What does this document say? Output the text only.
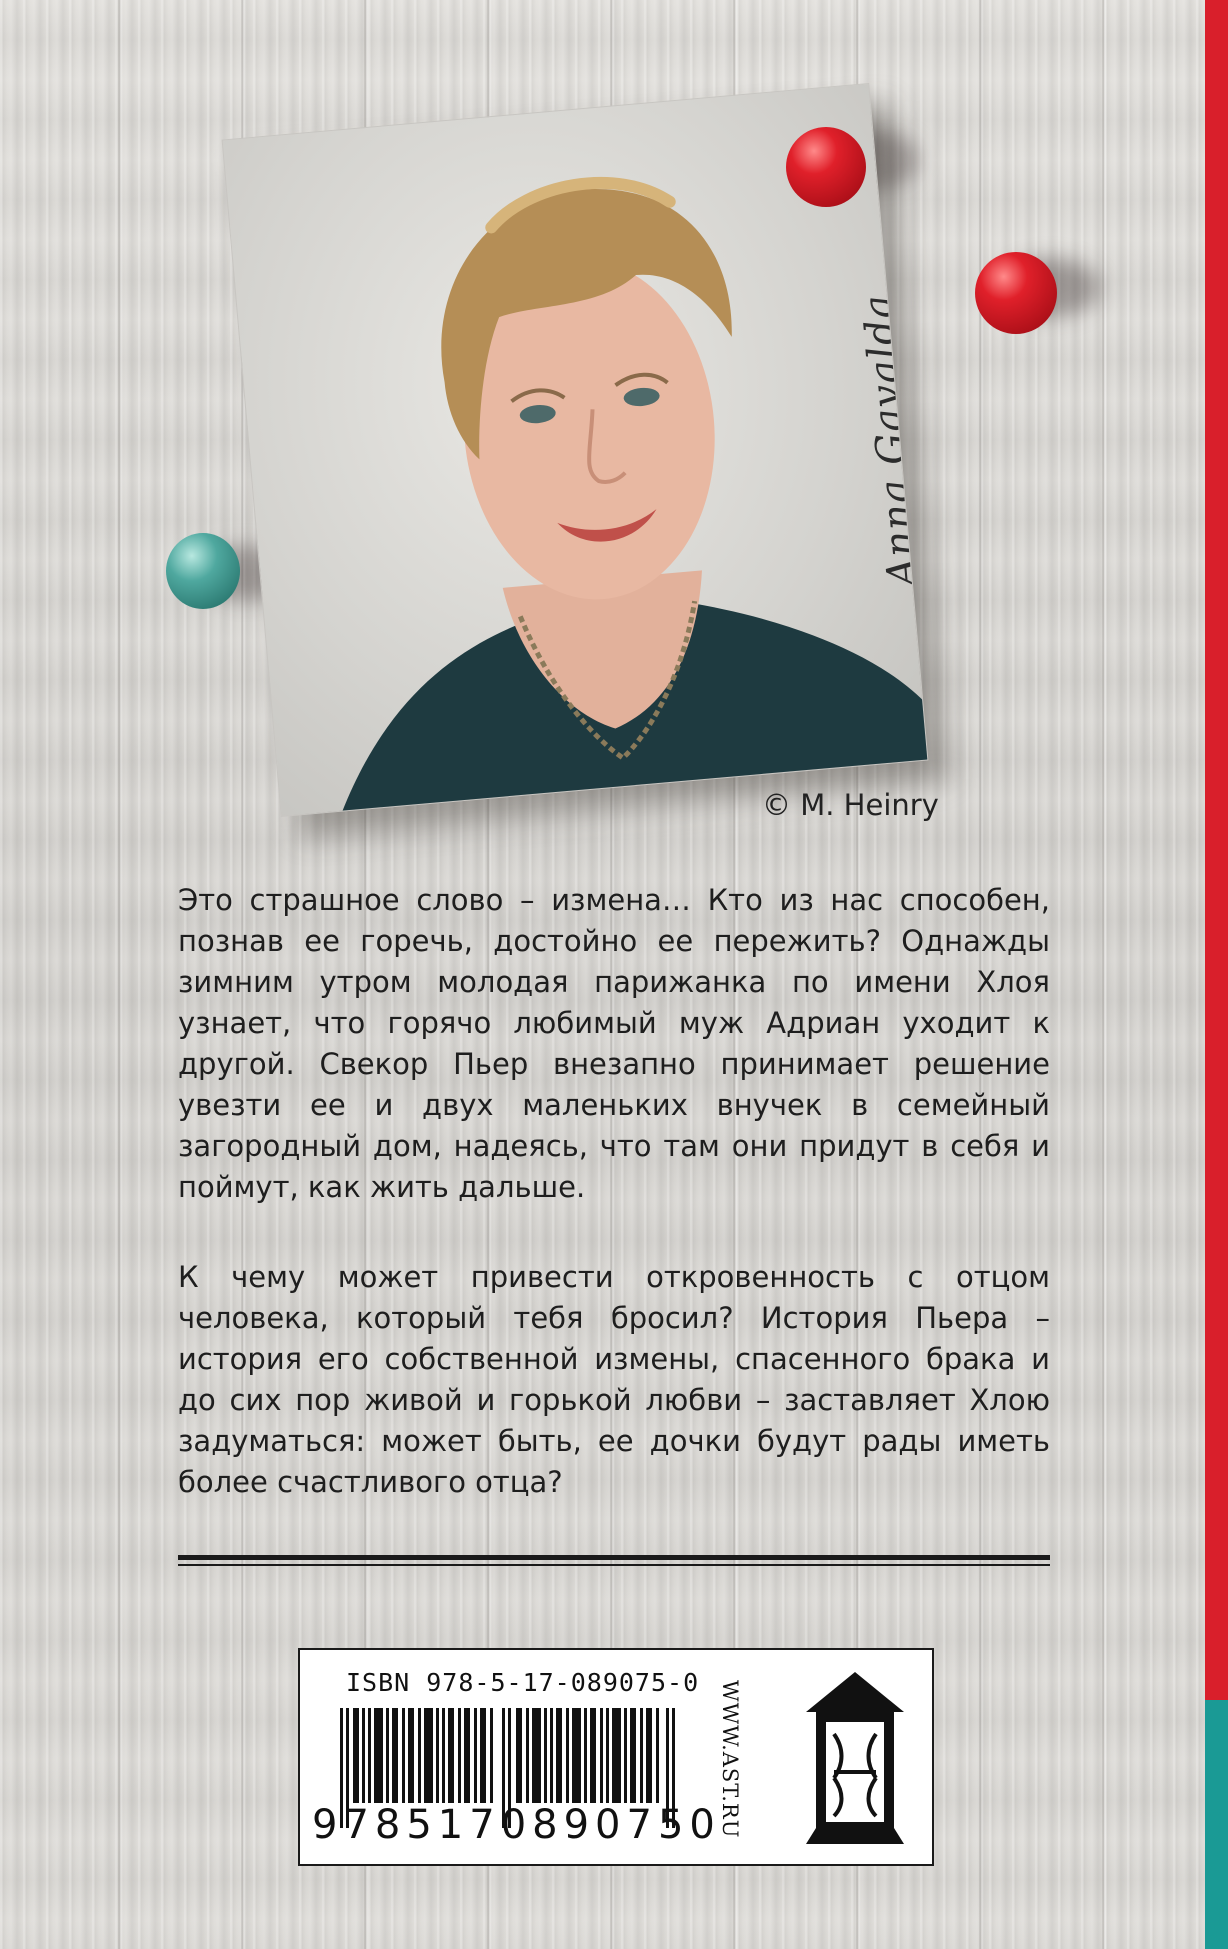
Anna Gavalda
© M. Heinry

Это страшное слово – измена… Кто из нас способен, познав ее горечь, достойно ее пережить? Однажды зимним утром молодая парижанка по имени Хлоя узнает, что горячо любимый муж Адриан уходит к другой. Свекор Пьер внезапно принимает решение увезти ее и двух маленьких внучек в семейный загородный дом, надеясь, что там они придут в себя и поймут, как жить дальше.

К чему может привести откровенность с отцом человека, который тебя бросил? История Пьера – история его собственной измены, спасенного брака и до сих пор живой и горькой любви – заставляет Хлою задуматься: может быть, ее дочки будут рады иметь более счастливого отца?

ISBN 978-5-17-089075-0
9785170890750
WWW.AST.RU
